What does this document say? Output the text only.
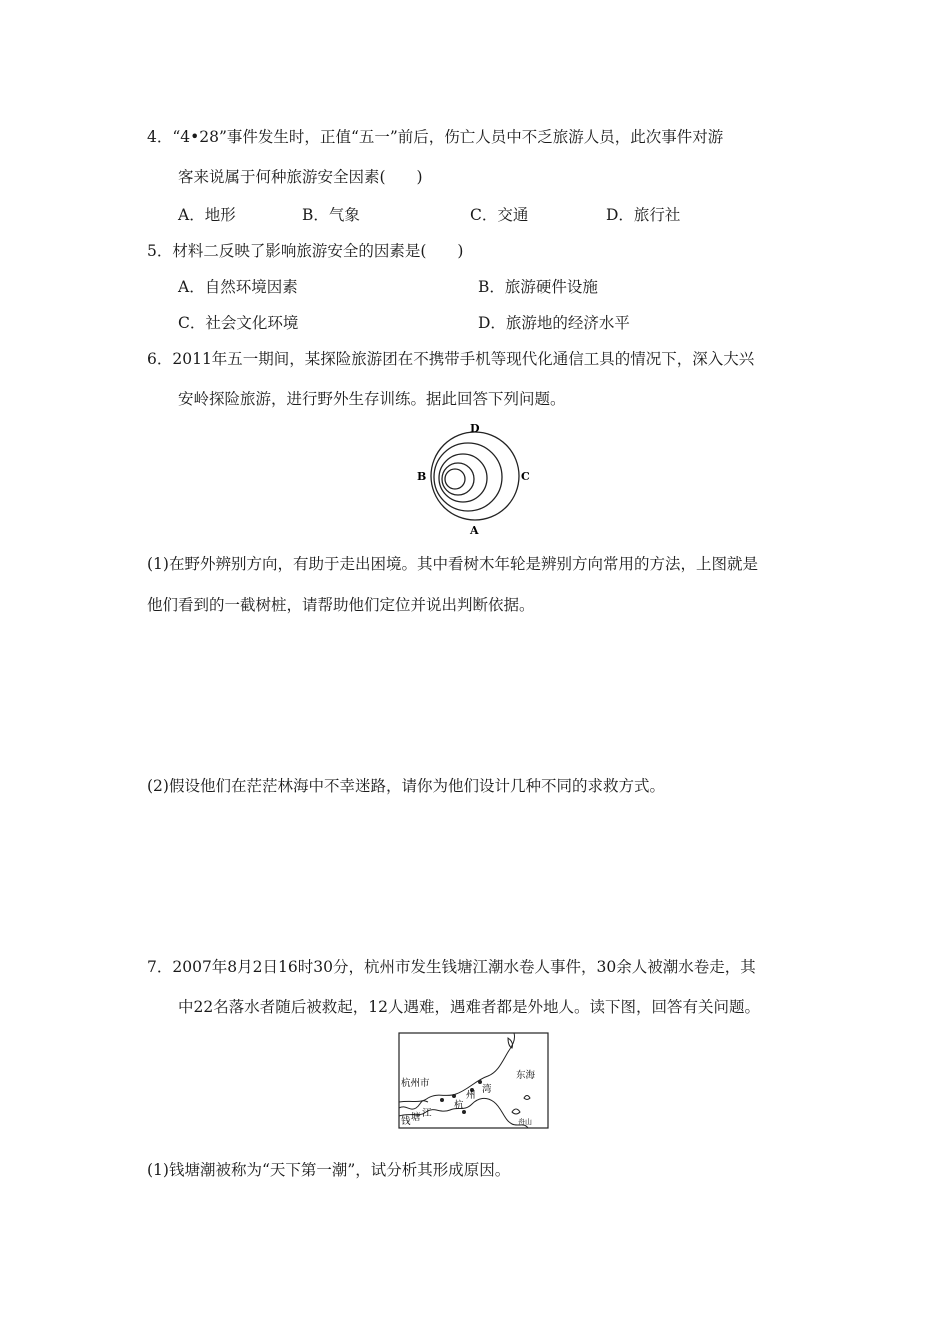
4．“4•28”事件发生时，正值“五一”前后，伤亡人员中不乏旅游人员，此次事件对游
客来说属于何种旅游安全因素(　　)
A．地形	B．气象	C．交通	D．旅行社
5．材料二反映了影响旅游安全的因素是(　　)
A．自然环境因素	B．旅游硬件设施
C．社会文化环境	D．旅游地的经济水平
6．2011年五一期间，某探险旅游团在不携带手机等现代化通信工具的情况下，深入大兴
安岭探险旅游，进行野外生存训练。据此回答下列问题。
D
B	C
A
(1)在野外辨别方向，有助于走出困境。其中看树木年轮是辨别方向常用的方法，上图就是
他们看到的一截树桩，请帮助他们定位并说出判断依据。
(2)假设他们在茫茫林海中不幸迷路，请你为他们设计几种不同的求救方式。
7．2007年8月2日16时30分，杭州市发生钱塘江潮水卷人事件，30余人被潮水卷走，其
中22名落水者随后被救起，12人遇难，遇难者都是外地人。读下图，回答有关问题。
杭州市
杭
州
湾
东海
钱 塘 江
舟山
(1)钱塘潮被称为“天下第一潮”，试分析其形成原因。
